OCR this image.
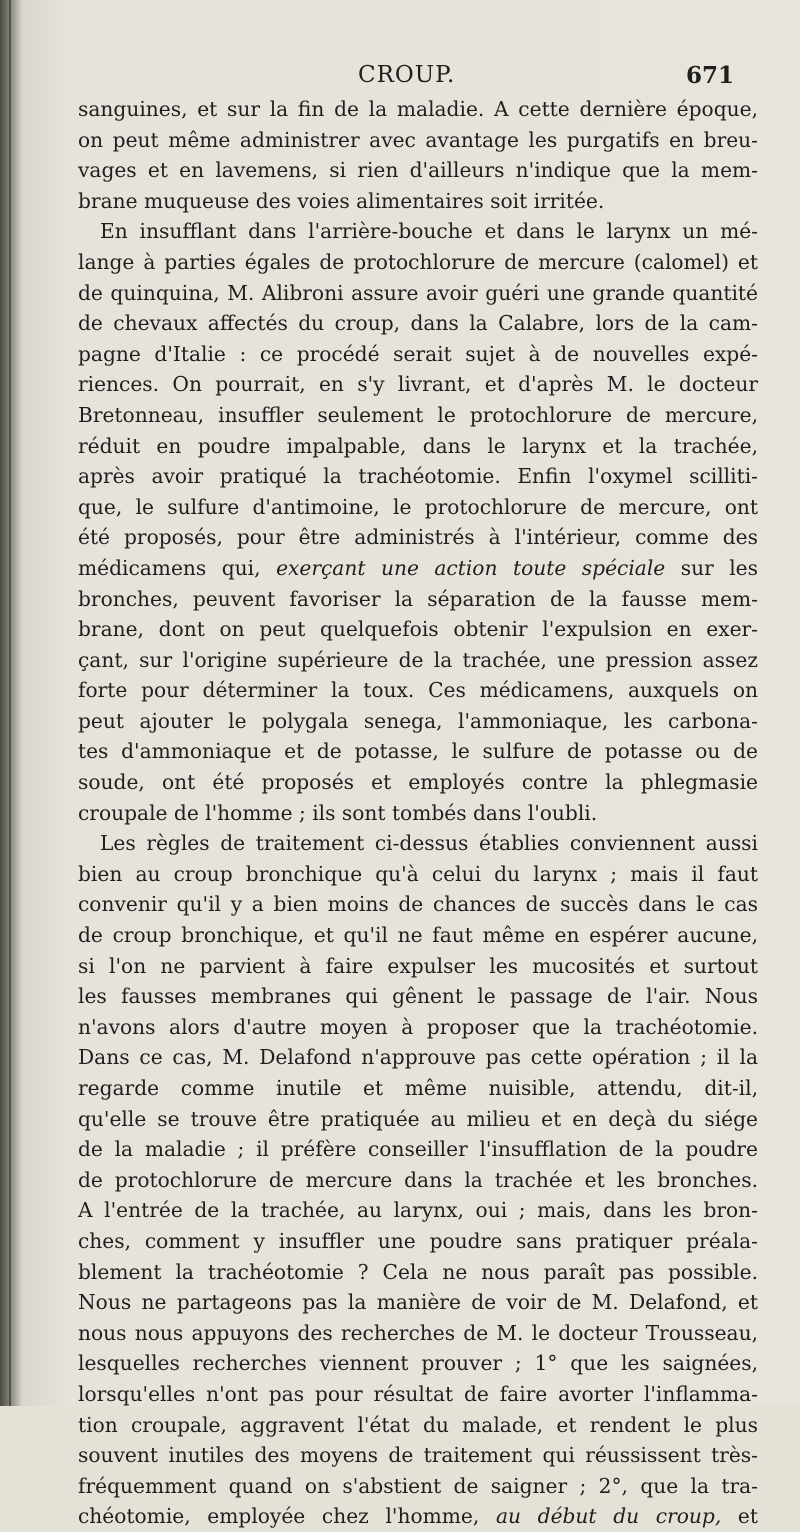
CROUP.	671
sanguines, et sur la fin de la maladie. A cette dernière époque,
on peut même administrer avec avantage les purgatifs en breu-
vages et en lavemens, si rien d'ailleurs n'indique que la mem-
brane muqueuse des voies alimentaires soit irritée.
En insufflant dans l'arrière-bouche et dans le larynx un mé-
lange à parties égales de protochlorure de mercure (calomel) et
de quinquina, M. Alibroni assure avoir guéri une grande quantité
de chevaux affectés du croup, dans la Calabre, lors de la cam-
pagne d'Italie : ce procédé serait sujet à de nouvelles expé-
riences. On pourrait, en s'y livrant, et d'après M. le docteur
Bretonneau, insuffler seulement le protochlorure de mercure,
réduit en poudre impalpable, dans le larynx et la trachée,
après avoir pratiqué la trachéotomie. Enfin l'oxymel scilliti-
que, le sulfure d'antimoine, le protochlorure de mercure, ont
été proposés, pour être administrés à l'intérieur, comme des
médicamens qui, exerçant une action toute spéciale sur les
bronches, peuvent favoriser la séparation de la fausse mem-
brane, dont on peut quelquefois obtenir l'expulsion en exer-
çant, sur l'origine supérieure de la trachée, une pression assez
forte pour déterminer la toux. Ces médicamens, auxquels on
peut ajouter le polygala senega, l'ammoniaque, les carbona-
tes d'ammoniaque et de potasse, le sulfure de potasse ou de
soude, ont été proposés et employés contre la phlegmasie
croupale de l'homme ; ils sont tombés dans l'oubli.
Les règles de traitement ci-dessus établies conviennent aussi
bien au croup bronchique qu'à celui du larynx ; mais il faut
convenir qu'il y a bien moins de chances de succès dans le cas
de croup bronchique, et qu'il ne faut même en espérer aucune,
si l'on ne parvient à faire expulser les mucosités et surtout
les fausses membranes qui gênent le passage de l'air. Nous
n'avons alors d'autre moyen à proposer que la trachéotomie.
Dans ce cas, M. Delafond n'approuve pas cette opération ; il la
regarde comme inutile et même nuisible, attendu, dit-il,
qu'elle se trouve être pratiquée au milieu et en deçà du siége
de la maladie ; il préfère conseiller l'insufflation de la poudre
de protochlorure de mercure dans la trachée et les bronches.
A l'entrée de la trachée, au larynx, oui ; mais, dans les bron-
ches, comment y insuffler une poudre sans pratiquer préala-
blement la trachéotomie ? Cela ne nous paraît pas possible.
Nous ne partageons pas la manière de voir de M. Delafond, et
nous nous appuyons des recherches de M. le docteur Trousseau,
lesquelles recherches viennent prouver ; 1° que les saignées,
lorsqu'elles n'ont pas pour résultat de faire avorter l'inflamma-
tion croupale, aggravent l'état du malade, et rendent le plus
souvent inutiles des moyens de traitement qui réussissent très-
fréquemment quand on s'abstient de saigner ; 2°, que la tra-
chéotomie, employée chez l'homme, au début du croup, et
